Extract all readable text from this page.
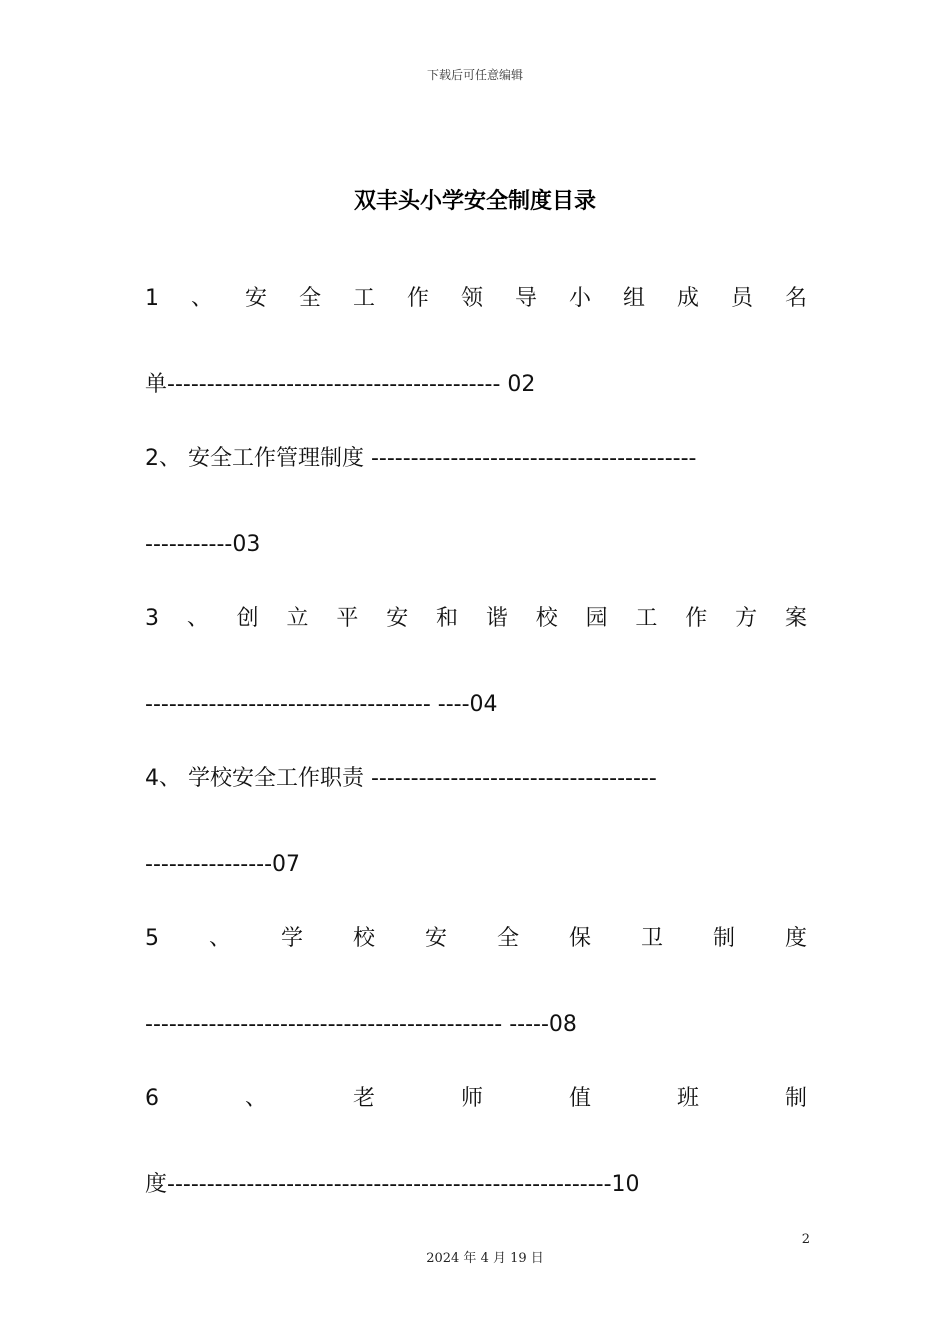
下载后可任意编辑
双丰头小学安全制度目录
1 、 安 全 工 作 领 导 小 组 成 员 名
单------------------------------------------ 02
2、 安全工作管理制度 -----------------------------------------
-----------03
3 、 创 立 平 安 和 谐 校 园 工 作 方 案
------------------------------------ ----04
4、 学校安全工作职责 ------------------------------------
----------------07
5 、 学 校 安 全 保 卫 制 度
--------------------------------------------- -----08
6	、	老	师	值	班	制
度--------------------------------------------------------10
2
2024 年 4 月 19 日
